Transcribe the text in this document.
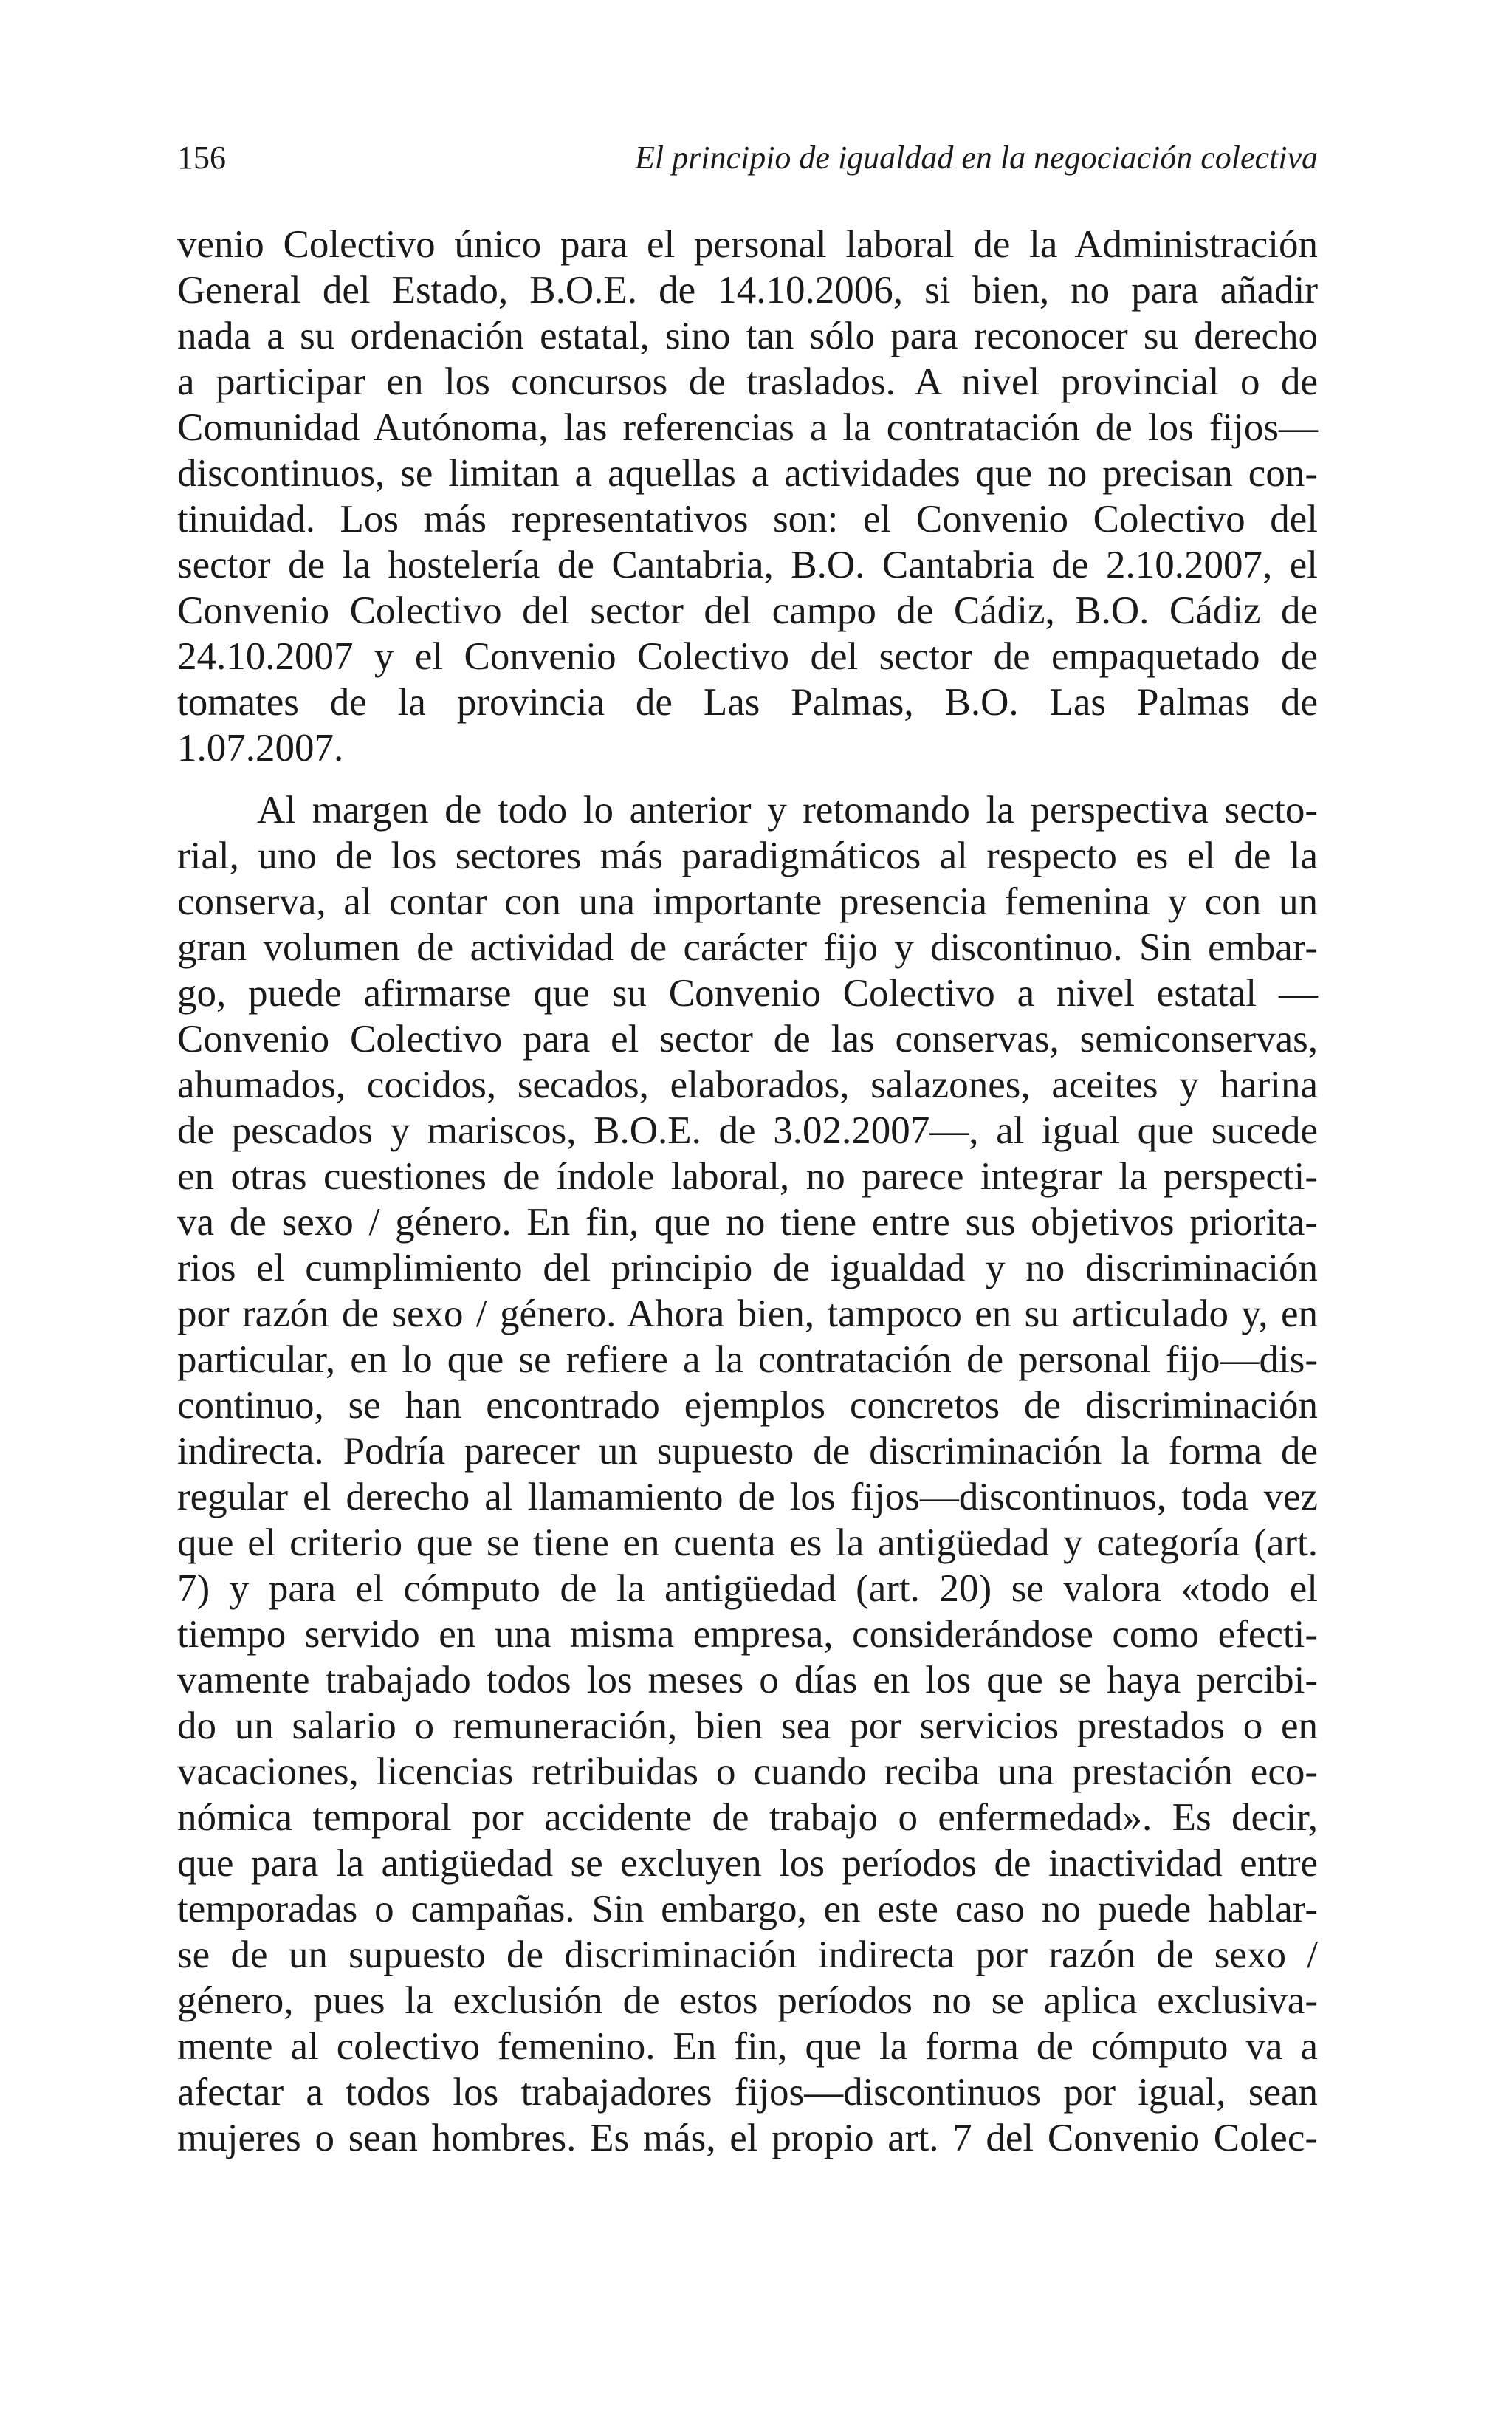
156	El principio de igualdad en la negociación colectiva
venio Colectivo único para el personal laboral de la Administración
General del Estado, B.O.E. de 14.10.2006, si bien, no para añadir
nada a su ordenación estatal, sino tan sólo para reconocer su derecho
a participar en los concursos de traslados. A nivel provincial o de
Comunidad Autónoma, las referencias a la contratación de los fijos—
discontinuos, se limitan a aquellas a actividades que no precisan con-
tinuidad. Los más representativos son: el Convenio Colectivo del
sector de la hostelería de Cantabria, B.O. Cantabria de 2.10.2007, el
Convenio Colectivo del sector del campo de Cádiz, B.O. Cádiz de
24.10.2007 y el Convenio Colectivo del sector de empaquetado de
tomates de la provincia de Las Palmas, B.O. Las Palmas de
1.07.2007.
Al margen de todo lo anterior y retomando la perspectiva secto-
rial, uno de los sectores más paradigmáticos al respecto es el de la
conserva, al contar con una importante presencia femenina y con un
gran volumen de actividad de carácter fijo y discontinuo. Sin embar-
go, puede afirmarse que su Convenio Colectivo a nivel estatal —
Convenio Colectivo para el sector de las conservas, semiconservas,
ahumados, cocidos, secados, elaborados, salazones, aceites y harina
de pescados y mariscos, B.O.E. de 3.02.2007—, al igual que sucede
en otras cuestiones de índole laboral, no parece integrar la perspecti-
va de sexo / género. En fin, que no tiene entre sus objetivos priorita-
rios el cumplimiento del principio de igualdad y no discriminación
por razón de sexo / género. Ahora bien, tampoco en su articulado y, en
particular, en lo que se refiere a la contratación de personal fijo—dis-
continuo, se han encontrado ejemplos concretos de discriminación
indirecta. Podría parecer un supuesto de discriminación la forma de
regular el derecho al llamamiento de los fijos—discontinuos, toda vez
que el criterio que se tiene en cuenta es la antigüedad y categoría (art.
7) y para el cómputo de la antigüedad (art. 20) se valora «todo el
tiempo servido en una misma empresa, considerándose como efecti-
vamente trabajado todos los meses o días en los que se haya percibi-
do un salario o remuneración, bien sea por servicios prestados o en
vacaciones, licencias retribuidas o cuando reciba una prestación eco-
nómica temporal por accidente de trabajo o enfermedad». Es decir,
que para la antigüedad se excluyen los períodos de inactividad entre
temporadas o campañas. Sin embargo, en este caso no puede hablar-
se de un supuesto de discriminación indirecta por razón de sexo /
género, pues la exclusión de estos períodos no se aplica exclusiva-
mente al colectivo femenino. En fin, que la forma de cómputo va a
afectar a todos los trabajadores fijos—discontinuos por igual, sean
mujeres o sean hombres. Es más, el propio art. 7 del Convenio Colec-
